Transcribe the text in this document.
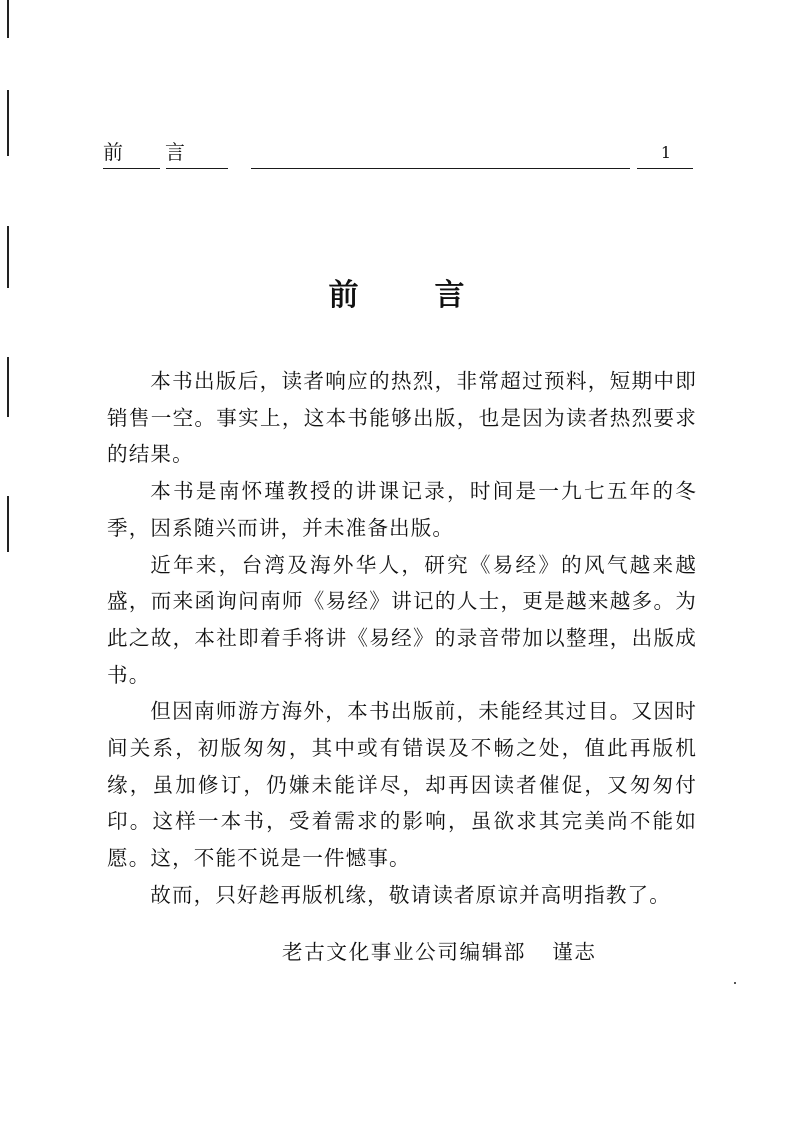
前言	1
前	言

本书出版后，读者响应的热烈，非常超过预料，短期中即销售一空。事实上，这本书能够出版，也是因为读者热烈要求的结果。

本书是南怀瑾教授的讲课记录，时间是一九七五年的冬季，因系随兴而讲，并未准备出版。

近年来，台湾及海外华人，研究《易经》的风气越来越盛，而来函询问南师《易经》讲记的人士，更是越来越多。为此之故，本社即着手将讲《易经》的录音带加以整理，出版成书。

但因南师游方海外，本书出版前，未能经其过目。又因时间关系，初版匆匆，其中或有错误及不畅之处，值此再版机缘，虽加修订，仍嫌未能详尽，却再因读者催促，又匆匆付印。这样一本书，受着需求的影响，虽欲求其完美尚不能如愿。这，不能不说是一件憾事。

故而，只好趁再版机缘，敬请读者原谅并高明指教了。

老古文化事业公司编辑部 谨志
